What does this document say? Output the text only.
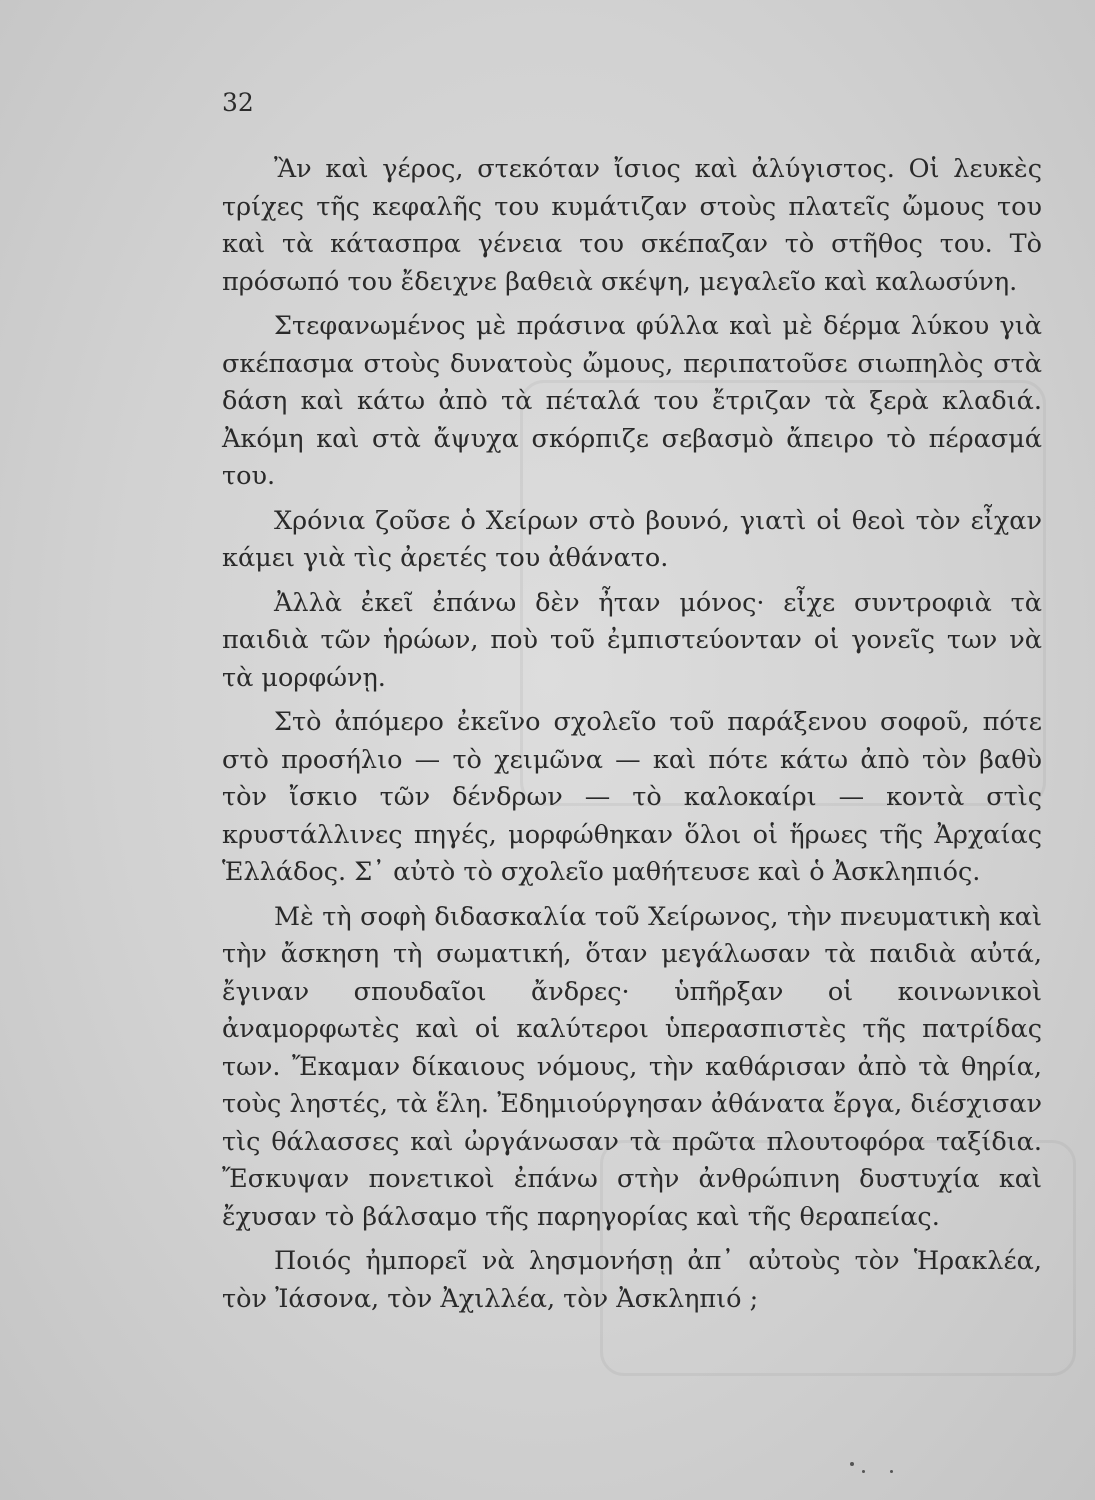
32

Ἂν καὶ γέρος, στεκόταν ἴσιος καὶ ἀλύγιστος. Οἱ λευκὲς τρίχες τῆς κεφαλῆς του κυμάτιζαν στοὺς πλατεῖς ὤμους του καὶ τὰ κάτασπρα γένεια του σκέπαζαν τὸ στῆθος του. Τὸ πρόσωπό του ἔδειχνε βαθειὰ σκέψη, μεγαλεῖο καὶ καλωσύνη.

Στεφανωμένος μὲ πράσινα φύλλα καὶ μὲ δέρμα λύκου γιὰ σκέπασμα στοὺς δυνατοὺς ὤμους, περιπατοῦσε σιωπηλὸς στὰ δάση καὶ κάτω ἀπὸ τὰ πέταλά του ἔτριζαν τὰ ξερὰ κλαδιά. Ἀκόμη καὶ στὰ ἄψυχα σκόρπιζε σεβασμὸ ἄπειρο τὸ πέρασμά του.

Χρόνια ζοῦσε ὁ Χείρων στὸ βουνό, γιατὶ οἱ θεοὶ τὸν εἶχαν κάμει γιὰ τὶς ἀρετές του ἀθάνατο.

Ἀλλὰ ἐκεῖ ἐπάνω δὲν ἦταν μόνος· εἶχε συντροφιὰ τὰ παιδιὰ τῶν ἡρώων, ποὺ τοῦ ἐμπιστεύονταν οἱ γονεῖς των νὰ τὰ μορφώνῃ.

Στὸ ἀπόμερο ἐκεῖνο σχολεῖο τοῦ παράξενου σοφοῦ, πότε στὸ προσήλιο — τὸ χειμῶνα — καὶ πότε κάτω ἀπὸ τὸν βαθὺ τὸν ἴσκιο τῶν δένδρων — τὸ καλοκαίρι — κοντὰ στὶς κρυστάλλινες πηγές, μορφώθηκαν ὅλοι οἱ ἥρωες τῆς Ἀρχαίας Ἑλλάδος. Σ᾽ αὐτὸ τὸ σχολεῖο μαθήτευσε καὶ ὁ Ἀσκληπιός.

Μὲ τὴ σοφὴ διδασκαλία τοῦ Χείρωνος, τὴν πνευματικὴ καὶ τὴν ἄσκηση τὴ σωματική, ὅταν μεγάλωσαν τὰ παιδιὰ αὐτά, ἔγιναν σπουδαῖοι ἄνδρες· ὑπῆρξαν οἱ κοινωνικοὶ ἀναμορφωτὲς καὶ οἱ καλύτεροι ὑπερασπιστὲς τῆς πατρίδας των. Ἔκαμαν δίκαιους νόμους, τὴν καθάρισαν ἀπὸ τὰ θηρία, τοὺς ληστές, τὰ ἕλη. Ἐδημιούργησαν ἀθάνατα ἔργα, διέσχισαν τὶς θάλασσες καὶ ὠργάνωσαν τὰ πρῶτα πλουτοφόρα ταξίδια. Ἔσκυψαν πονετικοὶ ἐπάνω στὴν ἀνθρώπινη δυστυχία καὶ ἔχυσαν τὸ βάλσαμο τῆς παρηγορίας καὶ τῆς θεραπείας.

Ποιός ἠμπορεῖ νὰ λησμονήσῃ ἀπ᾽ αὐτοὺς τὸν Ἡρακλέα, τὸν Ἰάσονα, τὸν Ἀχιλλέα, τὸν Ἀσκληπιό ;
